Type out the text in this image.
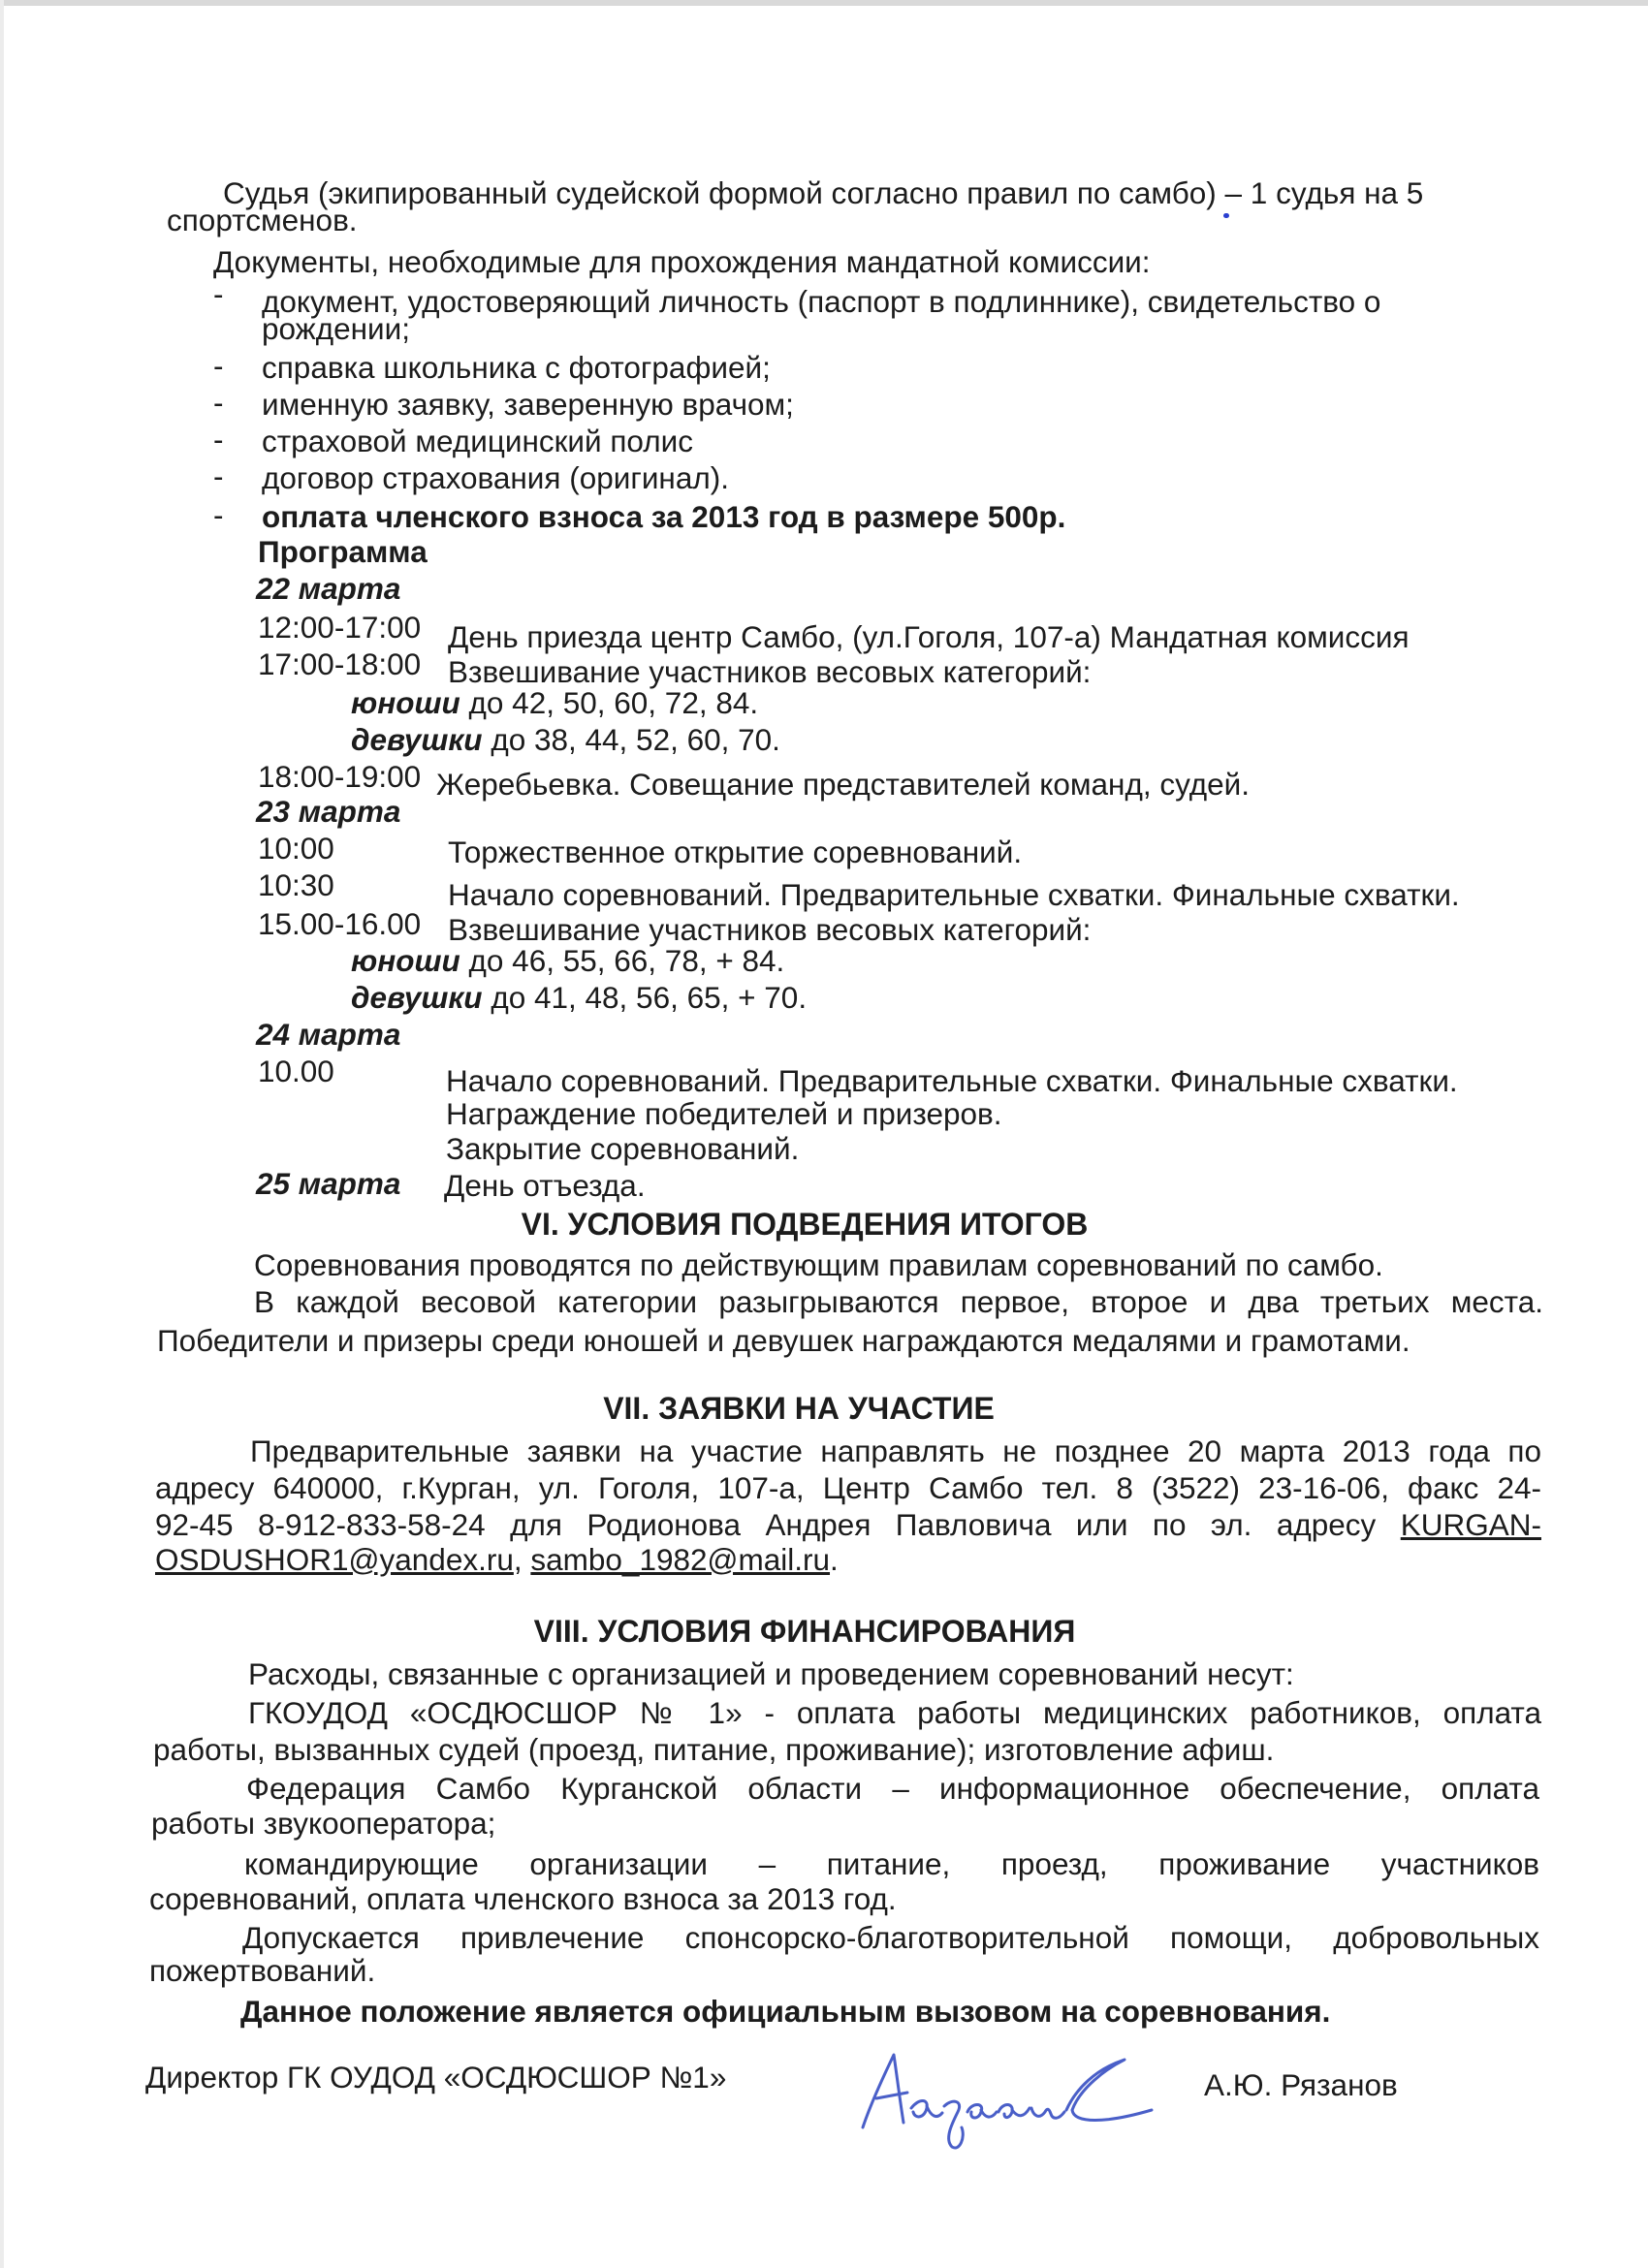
Судья (экипированный судейской формой согласно правил по самбо) – 1 судья на 5
спортсменов.
Документы, необходимые для прохождения мандатной комиссии:
- документ, удостоверяющий личность (паспорт в подлиннике), свидетельство о
рождении;
- справка школьника с фотографией;
- именную заявку, заверенную врачом;
- страховой медицинский полис
- договор страхования (оригинал).
- оплата членского взноса за 2013 год в размере 500р.
Программа
22 марта
12:00-17:00 День приезда центр Самбо, (ул.Гоголя, 107-а) Мандатная комиссия
17:00-18:00 Взвешивание участников весовых категорий:
юноши до 42, 50, 60, 72, 84.
девушки до 38, 44, 52, 60, 70.
18:00-19:00 Жеребьевка. Совещание представителей команд, судей.
23 марта
10:00	Торжественное открытие соревнований.
10:30	Начало соревнований. Предварительные схватки. Финальные схватки.
15.00-16.00 Взвешивание участников весовых категорий:
юноши до 46, 55, 66, 78, + 84.
девушки до 41, 48, 56, 65, + 70.
24 марта
10.00	Начало соревнований. Предварительные схватки. Финальные схватки.
Награждение победителей и призеров.
Закрытие соревнований.
25 марта День отъезда.
VI. УСЛОВИЯ ПОДВЕДЕНИЯ ИТОГОВ
Соревнования проводятся по действующим правилам соревнований по самбо.
В каждой весовой категории разыгрываются первое, второе и два третьих места.
Победители и призеры среди юношей и девушек награждаются медалями и грамотами.
VII. ЗАЯВКИ НА УЧАСТИЕ
Предварительные заявки на участие направлять не позднее 20 марта 2013 года по
адресу 640000, г.Курган, ул. Гоголя, 107-а, Центр Самбо тел. 8 (3522) 23-16-06, факс 24-
92-45 8-912-833-58-24 для Родионова Андрея Павловича или по эл. адресу KURGAN-
OSDUSHOR1@yandex.ru, sambo_1982@mail.ru.
VIII. УСЛОВИЯ ФИНАНСИРОВАНИЯ
Расходы, связанные с организацией и проведением соревнований несут:
ГКОУДОД «ОСДЮСШОР № 1» - оплата работы медицинских работников, оплата
работы, вызванных судей (проезд, питание, проживание); изготовление афиш.
Федерация Самбо Курганской области – информационное обеспечение, оплата
работы звукооператора;
командирующие организации – питание, проезд, проживание участников
соревнований, оплата членского взноса за 2013 год.
Допускается привлечение спонсорско-благотворительной помощи, добровольных
пожертвований.
Данное положение является официальным вызовом на соревнования.
Директор ГК ОУДОД «ОСДЮСШОР №1»	А.Ю. Рязанов
